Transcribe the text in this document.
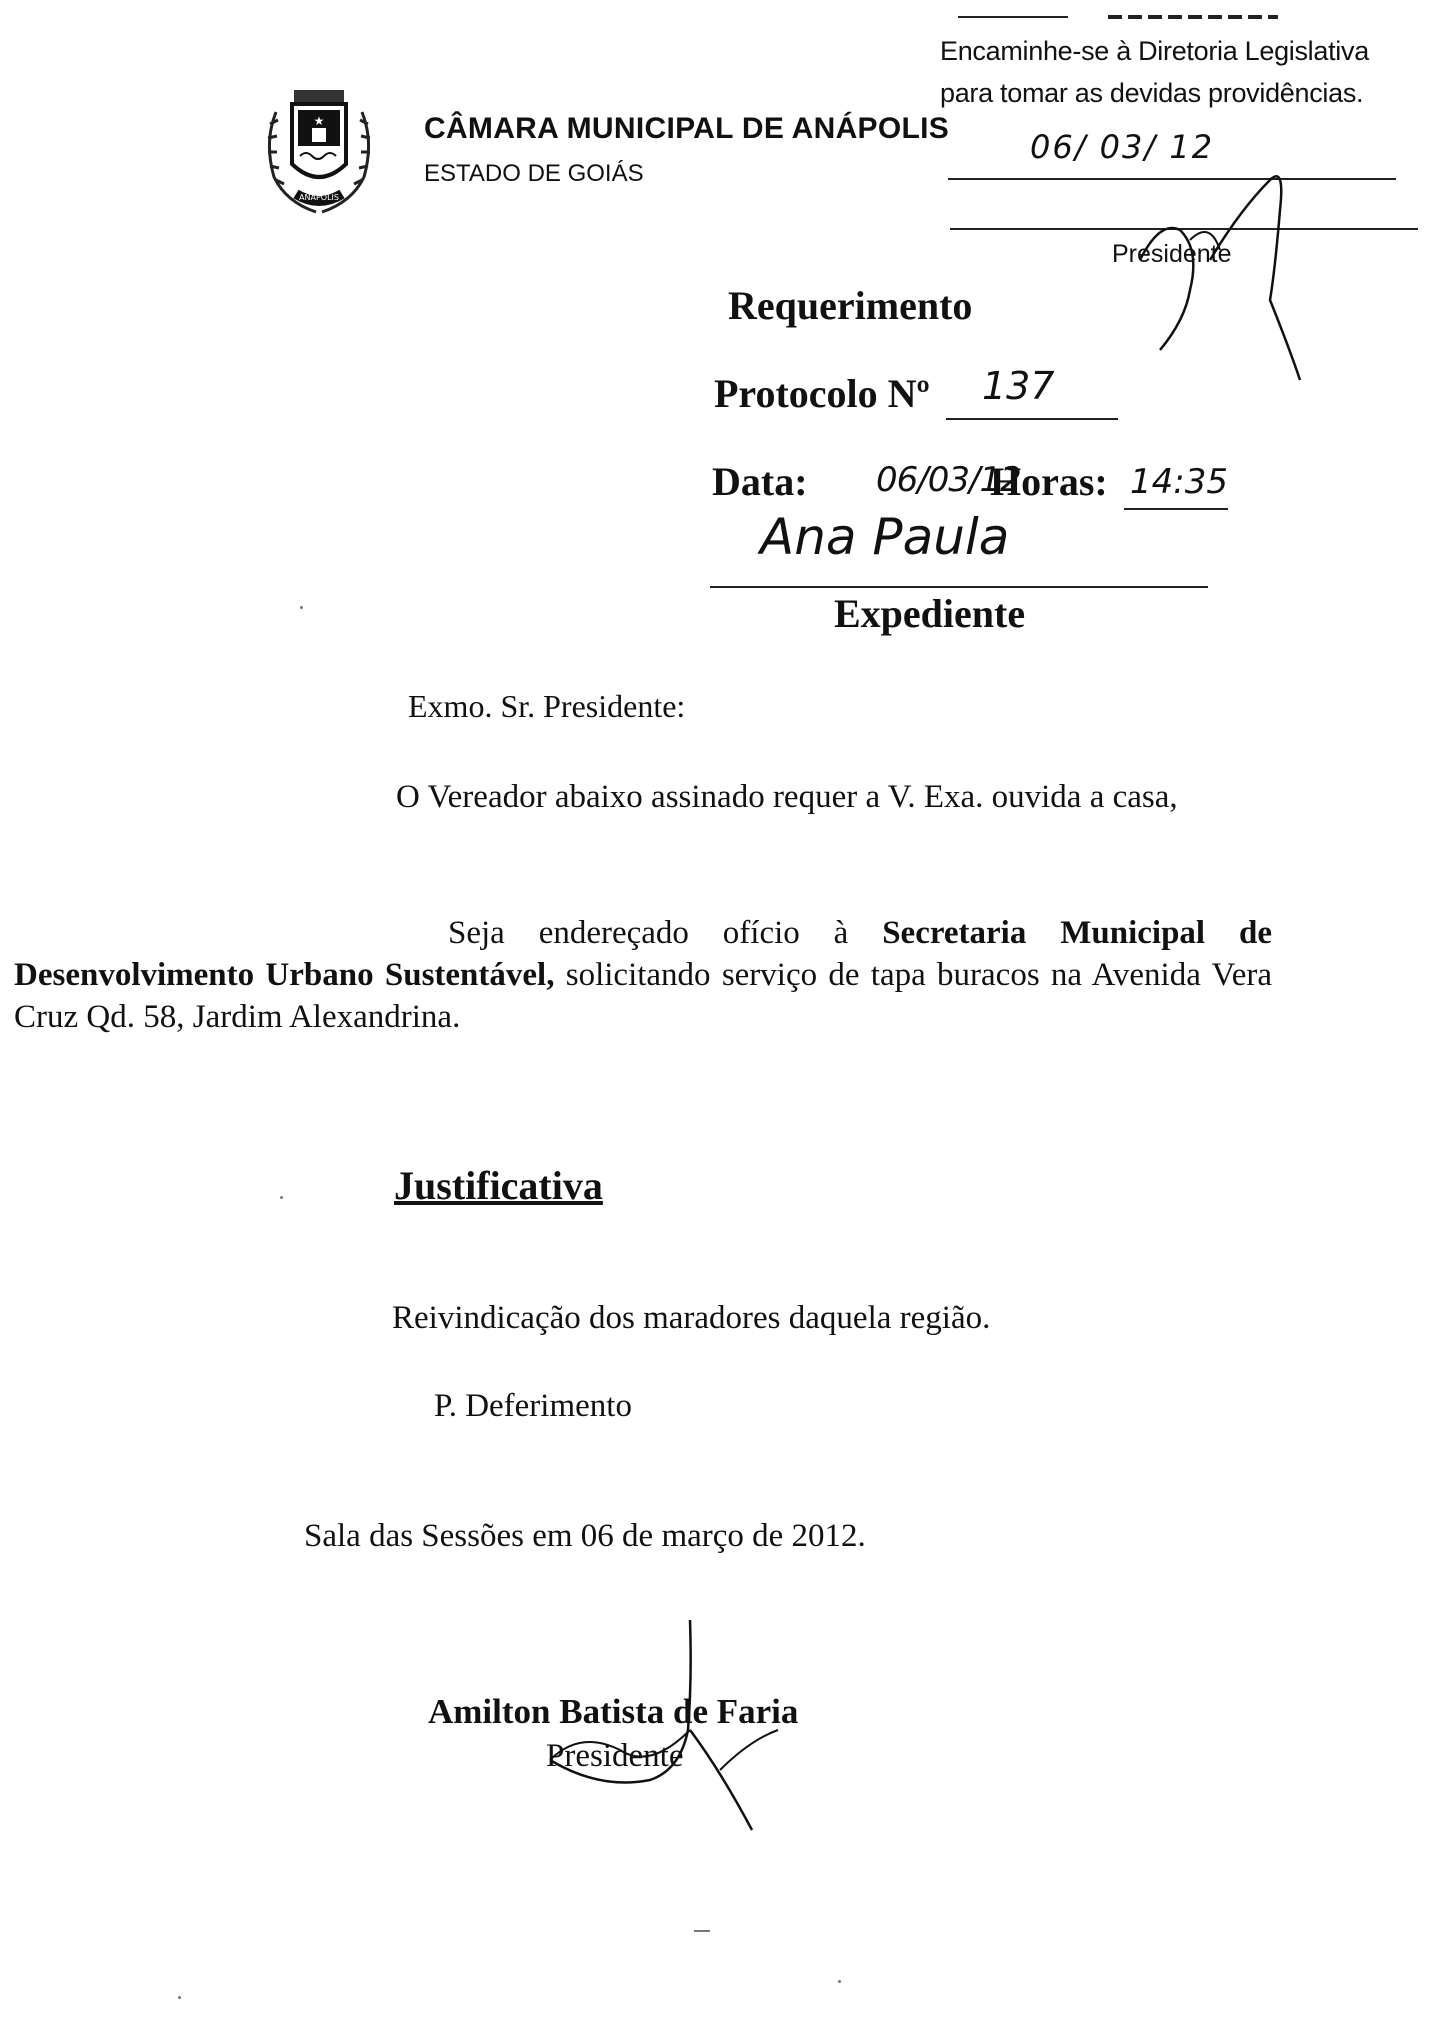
★
ANÁPOLIS
CÂMARA MUNICIPAL DE ANÁPOLIS
ESTADO DE GOIÁS
Encaminhe-se à Diretoria Legislativa
para tomar as devidas providências.
06/ 03/ 12
Presidente
Requerimento
Protocolo Nº 137
Data: 06/03/12
Horas: 14:35
Ana Paula
Expediente
Exmo. Sr. Presidente:
O Vereador abaixo assinado requer a V. Exa. ouvida a casa,
Seja endereçado ofício à Secretaria Municipal de Desenvolvimento Urbano Sustentável, solicitando serviço de tapa buracos na Avenida Vera Cruz Qd. 58, Jardim Alexandrina.
Justificativa
Reivindicação dos maradores daquela região.
P. Deferimento
Sala das Sessões em 06 de março de 2012.
Amilton Batista de Faria
Presidente
